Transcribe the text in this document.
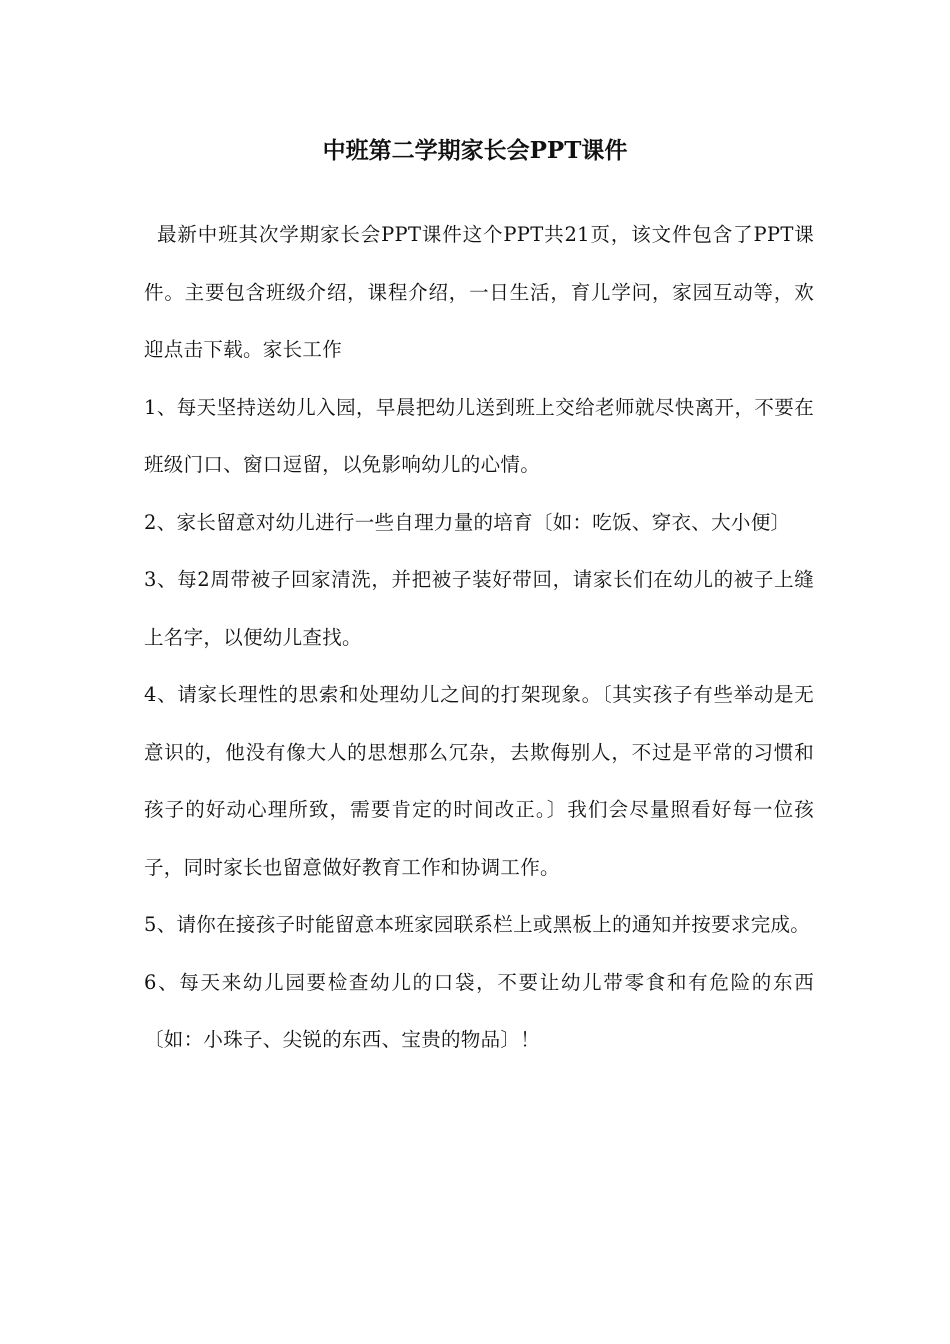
中班第二学期家长会PPT课件

最新中班其次学期家长会PPT课件这个PPT共21页，该文件包含了PPT课件。主要包含班级介绍，课程介绍，一日生活，育儿学问，家园互动等，欢迎点击下载。家长工作

1、每天坚持送幼儿入园，早晨把幼儿送到班上交给老师就尽快离开，不要在班级门口、窗口逗留，以免影响幼儿的心情。

2、家长留意对幼儿进行一些自理力量的培育〔如：吃饭、穿衣、大小便〕

3、每2周带被子回家清洗，并把被子装好带回，请家长们在幼儿的被子上缝上名字，以便幼儿查找。

4、请家长理性的思索和处理幼儿之间的打架现象。〔其实孩子有些举动是无意识的，他没有像大人的思想那么冗杂，去欺侮别人，不过是平常的习惯和孩子的好动心理所致，需要肯定的时间改正。〕我们会尽量照看好每一位孩子，同时家长也留意做好教育工作和协调工作。

5、请你在接孩子时能留意本班家园联系栏上或黑板上的通知并按要求完成。

6、每天来幼儿园要检查幼儿的口袋，不要让幼儿带零食和有危险的东西〔如：小珠子、尖锐的东西、宝贵的物品〕！
